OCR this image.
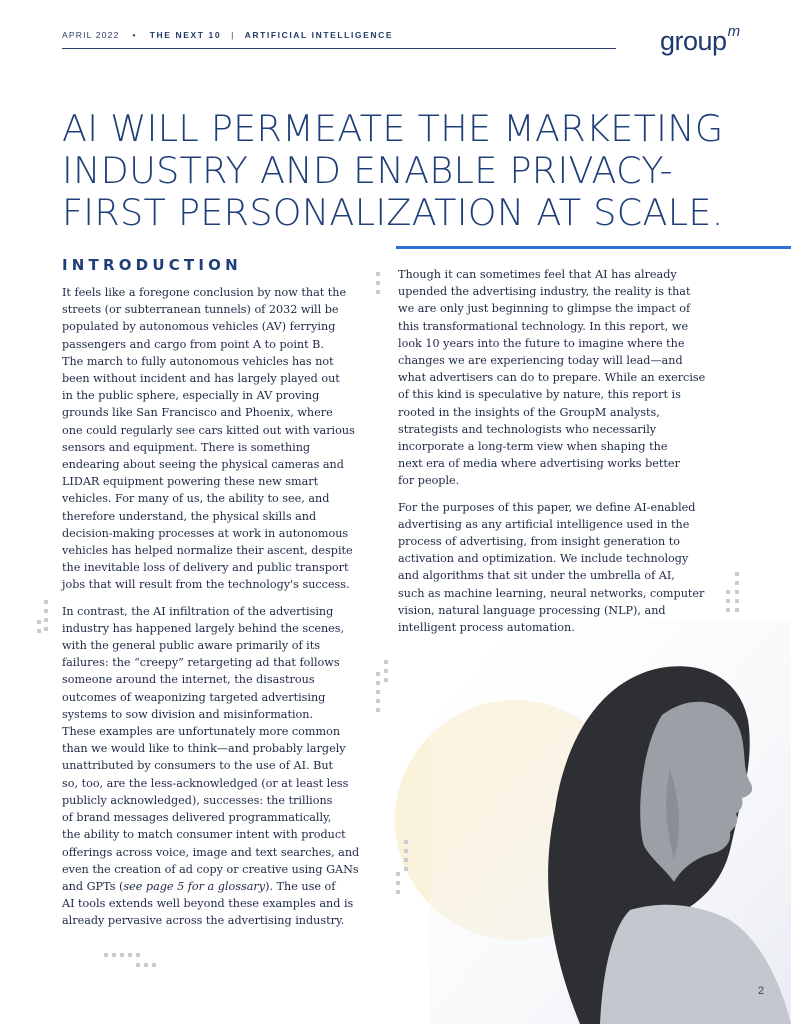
APRIL 2022 • THE NEXT 10 | ARTIFICIAL INTELLIGENCE	group$^m$
AI WILL PERMEATE THE MARKETING
INDUSTRY AND ENABLE PRIVACY-
FIRST PERSONALIZATION AT SCALE.
INTRODUCTION

It feels like a foregone conclusion by now that the
streets (or subterranean tunnels) of 2032 will be
populated by autonomous vehicles (AV) ferrying
passengers and cargo from point A to point B.
The march to fully autonomous vehicles has not
been without incident and has largely played out
in the public sphere, especially in AV proving
grounds like San Francisco and Phoenix, where
one could regularly see cars kitted out with various
sensors and equipment. There is something
endearing about seeing the physical cameras and
LIDAR equipment powering these new smart
vehicles. For many of us, the ability to see, and
therefore understand, the physical skills and
decision-making processes at work in autonomous
vehicles has helped normalize their ascent, despite
the inevitable loss of delivery and public transport
jobs that will result from the technology's success.

In contrast, the AI infiltration of the advertising
industry has happened largely behind the scenes,
with the general public aware primarily of its
failures: the “creepy” retargeting ad that follows
someone around the internet, the disastrous
outcomes of weaponizing targeted advertising
systems to sow division and misinformation.
These examples are unfortunately more common
than we would like to think—and probably largely
unattributed by consumers to the use of AI. But
so, too, are the less-acknowledged (or at least less
publicly acknowledged), successes: the trillions
of brand messages delivered programmatically,
the ability to match consumer intent with product
offerings across voice, image and text searches, and
even the creation of ad copy or creative using GANs
and GPTs (see page 5 for a glossary). The use of
AI tools extends well beyond these examples and is
already pervasive across the advertising industry.

Though it can sometimes feel that AI has already
upended the advertising industry, the reality is that
we are only just beginning to glimpse the impact of
this transformational technology. In this report, we
look 10 years into the future to imagine where the
changes we are experiencing today will lead—and
what advertisers can do to prepare. While an exercise
of this kind is speculative by nature, this report is
rooted in the insights of the GroupM analysts,
strategists and technologists who necessarily
incorporate a long-term view when shaping the
next era of media where advertising works better
for people.

For the purposes of this paper, we define AI-enabled
advertising as any artificial intelligence used in the
process of advertising, from insight generation to
activation and optimization. We include technology
and algorithms that sit under the umbrella of AI,
such as machine learning, neural networks, computer
vision, natural language processing (NLP), and
intelligent process automation.

2
